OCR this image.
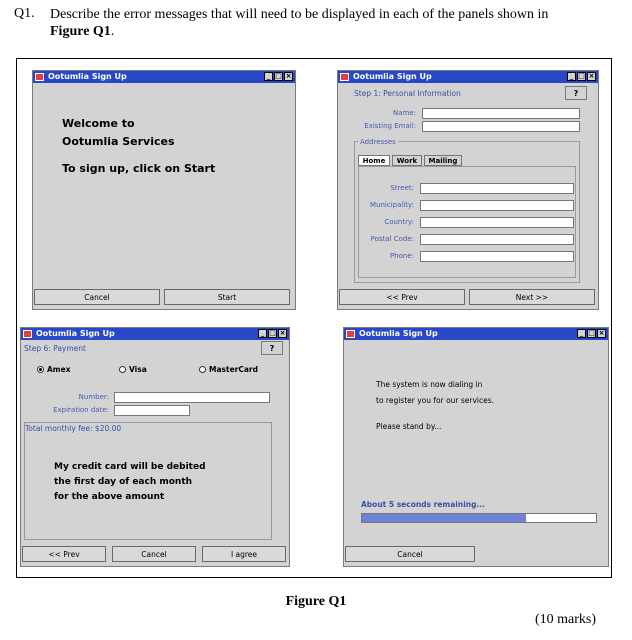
Q1. Describe the error messages that will need to be displayed in each of the panels shown in
Figure Q1.
Ootumlia Sign Up	_ □ ×
Welcome to
Ootumlia Services
To sign up, click on Start
Cancel	Start
Ootumlia Sign Up	_ □ ×
Step 1: Personal Information	?
Name:
Existing Email:
Addresses
Home	Work	Mailing
Street:
Municipality:
Country:
Postal Code:
Phone:
<< Prev	Next >>
Ootumlia Sign Up	_ □ ×
Step 6: Payment	?
Amex	Visa	MasterCard
Number:
Expiration date:
Total monthly fee: $20.00
My credit card will be debited
the first day of each month
for the above amount
<< Prev	Cancel	I agree
Ootumlia Sign Up	_ □ ×
The system is now dialing in
to register you for our services.
Please stand by...
About 5 seconds remaining...
Cancel
Figure Q1
(10 marks)
